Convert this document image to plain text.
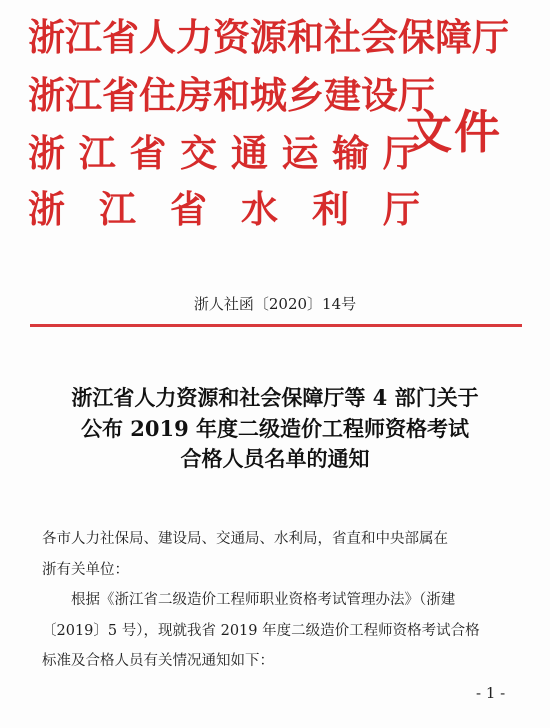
浙 江 省 人 力 资 源 和 社 会 保 障 厅
浙 江 省 住 房 和 城 乡 建 设 厅
浙 江 省 交 通 运 输 厅
浙 江 省 水 利 厅
文件
浙人社函〔2020〕14号
浙江省人力资源和社会保障厅等 4 部门关于
公布 2019 年度二级造价工程师资格考试
合格人员名单的通知

各市人力社保局、建设局、交通局、水利局，省直和中央部属在

浙有关单位：

根据《浙江省二级造价工程师职业资格考试管理办法》（浙建

〔2019〕5 号），现就我省 2019 年度二级造价工程师资格考试合格

标准及合格人员有关情况通知如下：

- 1 -
